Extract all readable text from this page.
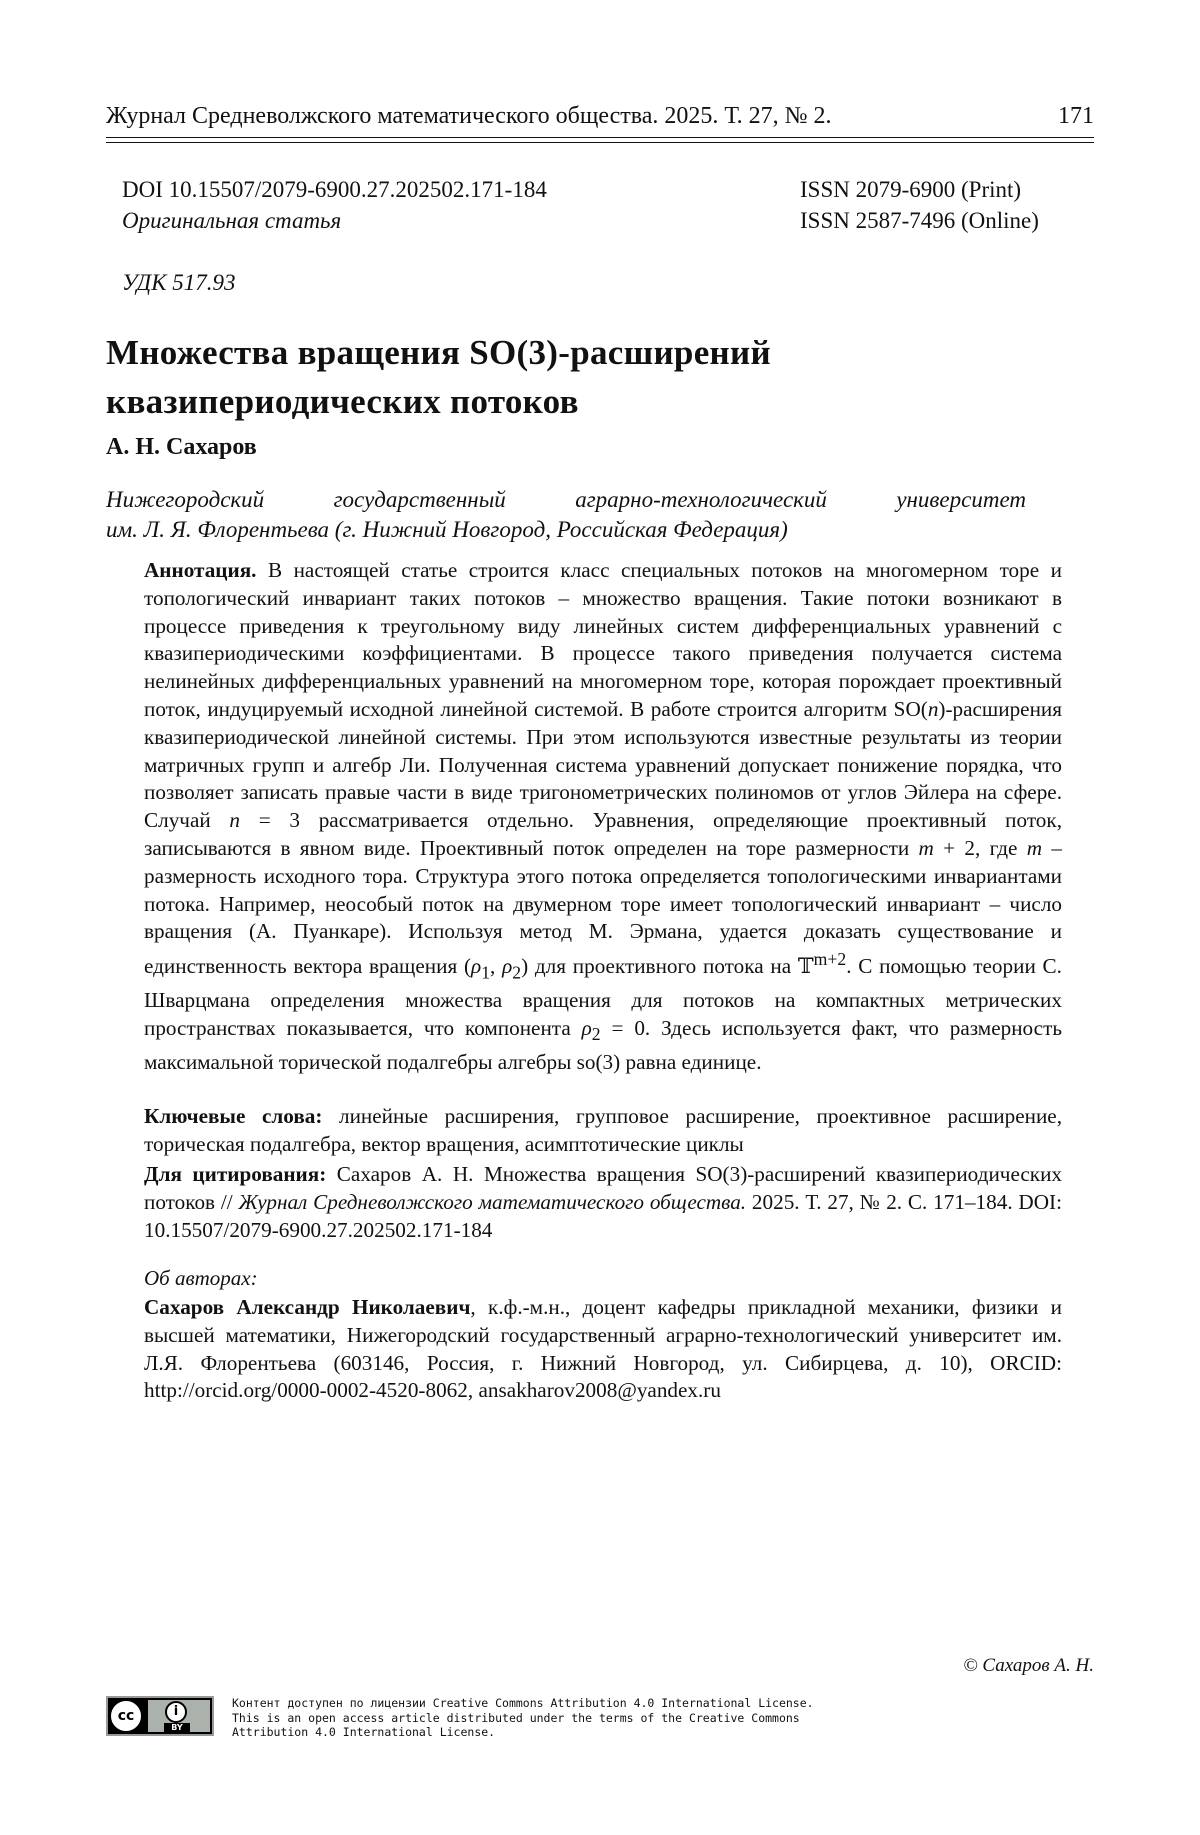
Журнал Средневолжского математического общества. 2025. Т. 27, № 2.	171
DOI 10.15507/2079-6900.27.202502.171-184
Оригинальная статья
ISSN 2079-6900 (Print)
ISSN 2587-7496 (Online)
УДК 517.93
Множества вращения SO(3)-расширений
квазипериодических потоков
А. Н. Сахаров
Нижегородский	государственный	аграрно-технологический	университет
им. Л. Я. Флорентьева (г. Нижний Новгород, Российская Федерация)
Аннотация. В настоящей статье строится класс специальных потоков на многомерном торе и топологический инвариант таких потоков – множество вращения. Такие потоки возникают в процессе приведения к треугольному виду линейных систем дифференциальных уравнений с квазипериодическими коэффициентами. В процессе такого приведения получается система нелинейных дифференциальных уравнений на многомерном торе, которая порождает проективный поток, индуцируемый исходной линейной системой. В работе строится алгоритм SO(n)-расширения квазипериодической линейной системы. При этом используются известные результаты из теории матричных групп и алгебр Ли. Полученная система уравнений допускает понижение порядка, что позволяет записать правые части в виде тригонометрических полиномов от углов Эйлера на сфере. Случай n = 3 рассматривается отдельно. Уравнения, определяющие проективный поток, записываются в явном виде. Проективный поток определен на торе размерности m + 2, где m – размерность исходного тора. Структура этого потока определяется топологическими инвариантами потока. Например, неособый поток на двумерном торе имеет топологический инвариант – число вращения (А. Пуанкаре). Используя метод М. Эрмана, удается доказать существование и единственность вектора вращения ($\rho_1$, $\rho_2$) для проективного потока на 𝕋$^{m+2}$. С помощью теории С. Шварцмана определения множества вращения для потоков на компактных метрических пространствах показывается, что компонента $\rho_2 = 0$. Здесь используется факт, что размерность максимальной торической подалгебры алгебры so(3) равна единице.
Ключевые слова: линейные расширения, групповое расширение, проективное расширение, торическая подалгебра, вектор вращения, асимптотические циклы
Для цитирования: Сахаров А. Н. Множества вращения SO(3)-расширений квазипериодических потоков // Журнал Средневолжского математического общества. 2025. Т. 27, № 2. С. 171–184. DOI: 10.15507/2079-6900.27.202502.171-184
Об авторах:
Сахаров Александр Николаевич, к.ф.-м.н., доцент кафедры прикладной механики, физики и высшей математики, Нижегородский государственный аграрно-технологический университет им. Л.Я. Флорентьева (603146, Россия, г. Нижний Новгород, ул. Сибирцева, д. 10), ORCID: http://orcid.org/0000-0002-4520-8062, ansakharov2008@yandex.ru
© Сахаров А. Н.
cc	i
BY
Контент доступен по лицензии Creative Commons Attribution 4.0 International License.
This is an open access article distributed under the terms of the Creative Commons
Attribution 4.0 International License.
